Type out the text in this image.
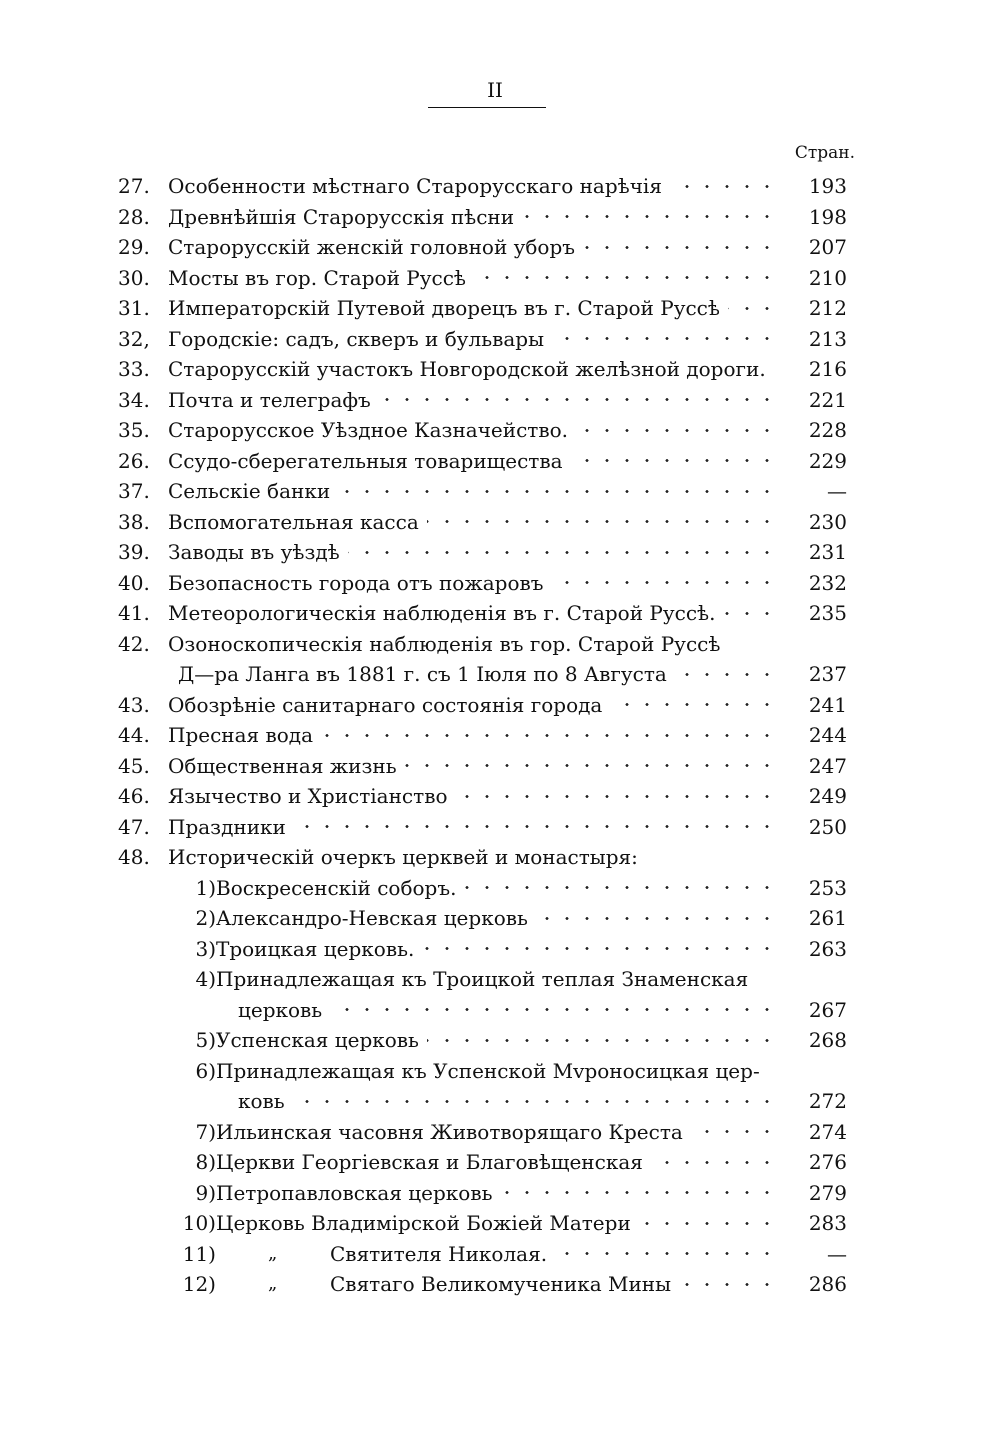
II
Стран.
27. Особенности мѣстнаго Старорусскаго нарѣчія	193
28. Древнѣйшія Старорусскія пѣсни	198
29. Старорусскій женскій головной уборъ	207
30. Мосты въ гор. Старой Руссѣ	210
31. Императорскій Путевой дворецъ въ г. Старой Руссѣ	212
32, Городскіе: садъ, скверъ и бульвары	213
33. Старорусскій участокъ Новгородской желѣзной дороги.	216
34. Почта и телеграфъ	221
35. Старорусское Уѣздное Казначейство.	228
26. Ссудо-сберегательныя товарищества	229
37. Сельскіе банки	—
38. Вспомогательная касса	230
39. Заводы въ уѣздѣ	231
40. Безопасность города отъ пожаровъ	232
41. Метеорологическія наблюденія въ г. Старой Руссѣ.	235
42. Озоноскопическія наблюденія въ гор. Старой Руссѣ
Д—ра Ланга въ 1881 г. съ 1 Іюля по 8 Августа	237
43. Обозрѣніе санитарнаго состоянія города	241
44. Пресная вода	244
45. Общественная жизнь	247
46. Язычество и Христіанство	249
47. Праздники	250
48. Историческій очеркъ церквей и монастыря:
1) Воскресенскій соборъ.	253
2) Александро-Невская церковь	261
3) Троицкая церковь.	263
4) Принадлежащая къ Троицкой теплая Знаменская
церковь	267
5) Успенская церковь	268
6) Принадлежащая къ Успенской Мvроносицкая цер-
ковь	272
7) Ильинская часовня Животворящаго Креста	274
8) Церкви Георгіевская и Благовѣщенская	276
9) Петропавловская церковь	279
10) Церковь Владимірской Божіей Матери	283
11)	„	Святителя Николая.	—
12)	„	Святаго Великомученика Мины	286
